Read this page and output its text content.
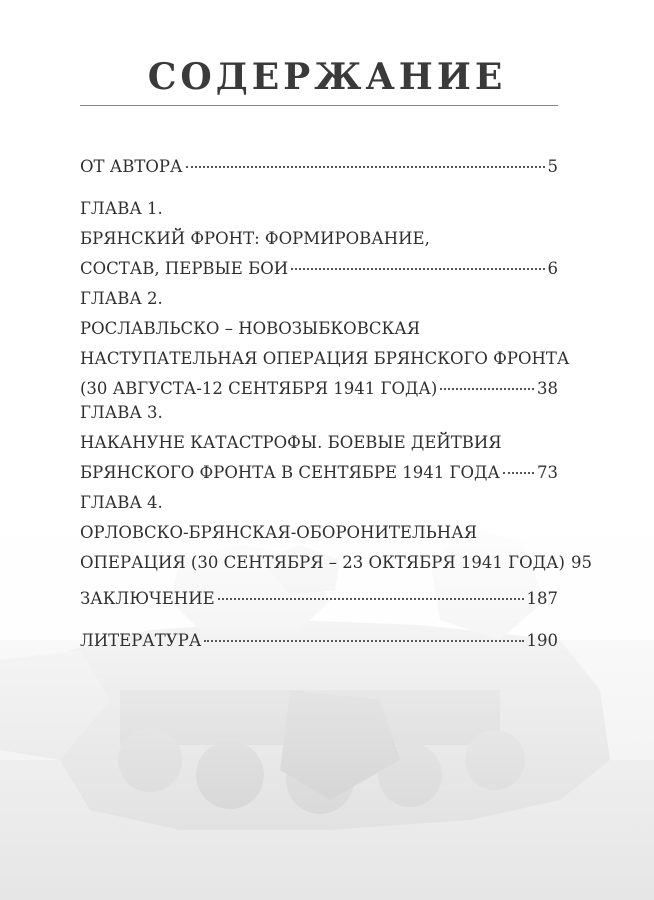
СОДЕРЖАНИЕ
ОТ АВТОРА	5
ГЛАВА 1.
БРЯНСКИЙ ФРОНТ: ФОРМИРОВАНИЕ,
СОСТАВ, ПЕРВЫЕ БОИ	6
ГЛАВА 2.
РОСЛАВЛЬСКО – НОВОЗЫБКОВСКАЯ
НАСТУПАТЕЛЬНАЯ ОПЕРАЦИЯ БРЯНСКОГО ФРОНТА
(30 АВГУСТА-12 СЕНТЯБРЯ 1941 ГОДА)	38
ГЛАВА 3.
НАКАНУНЕ КАТАСТРОФЫ. БОЕВЫЕ ДЕЙТВИЯ
БРЯНСКОГО ФРОНТА В СЕНТЯБРЕ 1941 ГОДА 73
ГЛАВА 4.
ОРЛОВСКО-БРЯНСКАЯ-ОБОРОНИТЕЛЬНАЯ
ОПЕРАЦИЯ (30 СЕНТЯБРЯ – 23 ОКТЯБРЯ 1941 ГОДА) 95
ЗАКЛЮЧЕНИЕ	187
ЛИТЕРАТУРА	190
